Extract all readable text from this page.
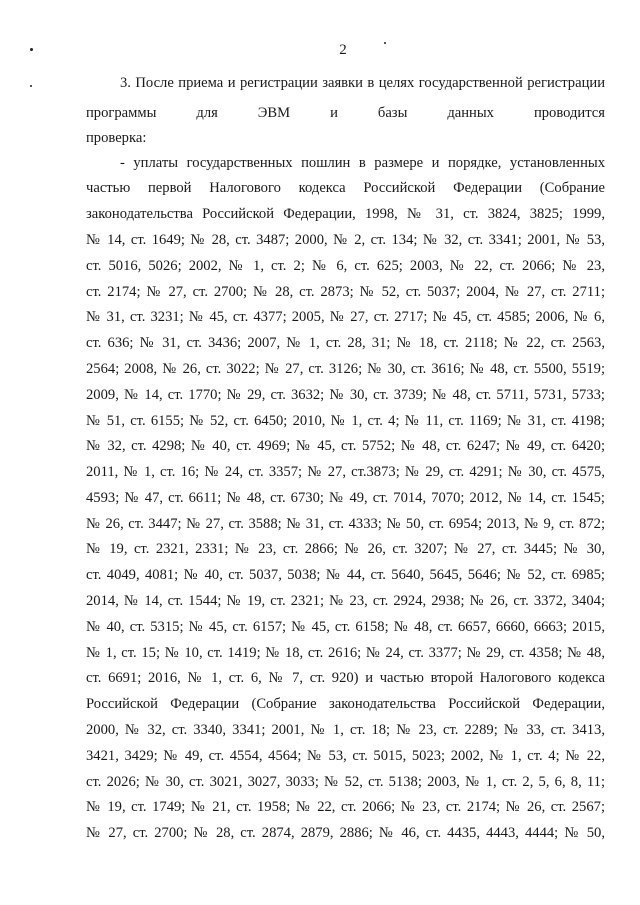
2
3. После приема и регистрации заявки в целях государственной регистрации
программы для ЭВМ и базы данных проводится
проверка:
- уплаты государственных пошлин в размере и порядке, установленных
частью первой Налогового кодекса Российской Федерации (Собрание
законодательства Российской Федерации, 1998, № 31, ст. 3824, 3825; 1999,
№ 14, ст. 1649; № 28, ст. 3487; 2000, № 2, ст. 134; № 32, ст. 3341; 2001, № 53,
ст. 5016, 5026; 2002, № 1, ст. 2; № 6, ст. 625; 2003, № 22, ст. 2066; № 23,
ст. 2174; № 27, ст. 2700; № 28, ст. 2873; № 52, ст. 5037; 2004, № 27, ст. 2711;
№ 31, ст. 3231; № 45, ст. 4377; 2005, № 27, ст. 2717; № 45, ст. 4585; 2006, № 6,
ст. 636; № 31, ст. 3436; 2007, № 1, ст. 28, 31; № 18, ст. 2118; № 22, ст. 2563,
2564; 2008, № 26, ст. 3022; № 27, ст. 3126; № 30, ст. 3616; № 48, ст. 5500, 5519;
2009, № 14, ст. 1770; № 29, ст. 3632; № 30, ст. 3739; № 48, ст. 5711, 5731, 5733;
№ 51, ст. 6155; № 52, ст. 6450; 2010, № 1, ст. 4; № 11, ст. 1169; № 31, ст. 4198;
№ 32, ст. 4298; № 40, ст. 4969; № 45, ст. 5752; № 48, ст. 6247; № 49, ст. 6420;
2011, № 1, ст. 16; № 24, ст. 3357; № 27, ст.3873; № 29, ст. 4291; № 30, ст. 4575,
4593; № 47, ст. 6611; № 48, ст. 6730; № 49, ст. 7014, 7070; 2012, № 14, ст. 1545;
№ 26, ст. 3447; № 27, ст. 3588; № 31, ст. 4333; № 50, ст. 6954; 2013, № 9, ст. 872;
№ 19, ст. 2321, 2331; № 23, ст. 2866; № 26, ст. 3207; № 27, ст. 3445; № 30,
ст. 4049, 4081; № 40, ст. 5037, 5038; № 44, ст. 5640, 5645, 5646; № 52, ст. 6985;
2014, № 14, ст. 1544; № 19, ст. 2321; № 23, ст. 2924, 2938; № 26, ст. 3372, 3404;
№ 40, ст. 5315; № 45, ст. 6157; № 45, ст. 6158; № 48, ст. 6657, 6660, 6663; 2015,
№ 1, ст. 15; № 10, ст. 1419; № 18, ст. 2616; № 24, ст. 3377; № 29, ст. 4358; № 48,
ст. 6691; 2016, № 1, ст. 6, № 7, ст. 920) и частью второй Налогового кодекса
Российской Федерации (Собрание законодательства Российской Федерации,
2000, № 32, ст. 3340, 3341; 2001, № 1, ст. 18; № 23, ст. 2289; № 33, ст. 3413,
3421, 3429; № 49, ст. 4554, 4564; № 53, ст. 5015, 5023; 2002, № 1, ст. 4; № 22,
ст. 2026; № 30, ст. 3021, 3027, 3033; № 52, ст. 5138; 2003, № 1, ст. 2, 5, 6, 8, 11;
№ 19, ст. 1749; № 21, ст. 1958; № 22, ст. 2066; № 23, ст. 2174; № 26, ст. 2567;
№ 27, ст. 2700; № 28, ст. 2874, 2879, 2886; № 46, ст. 4435, 4443, 4444; № 50,
